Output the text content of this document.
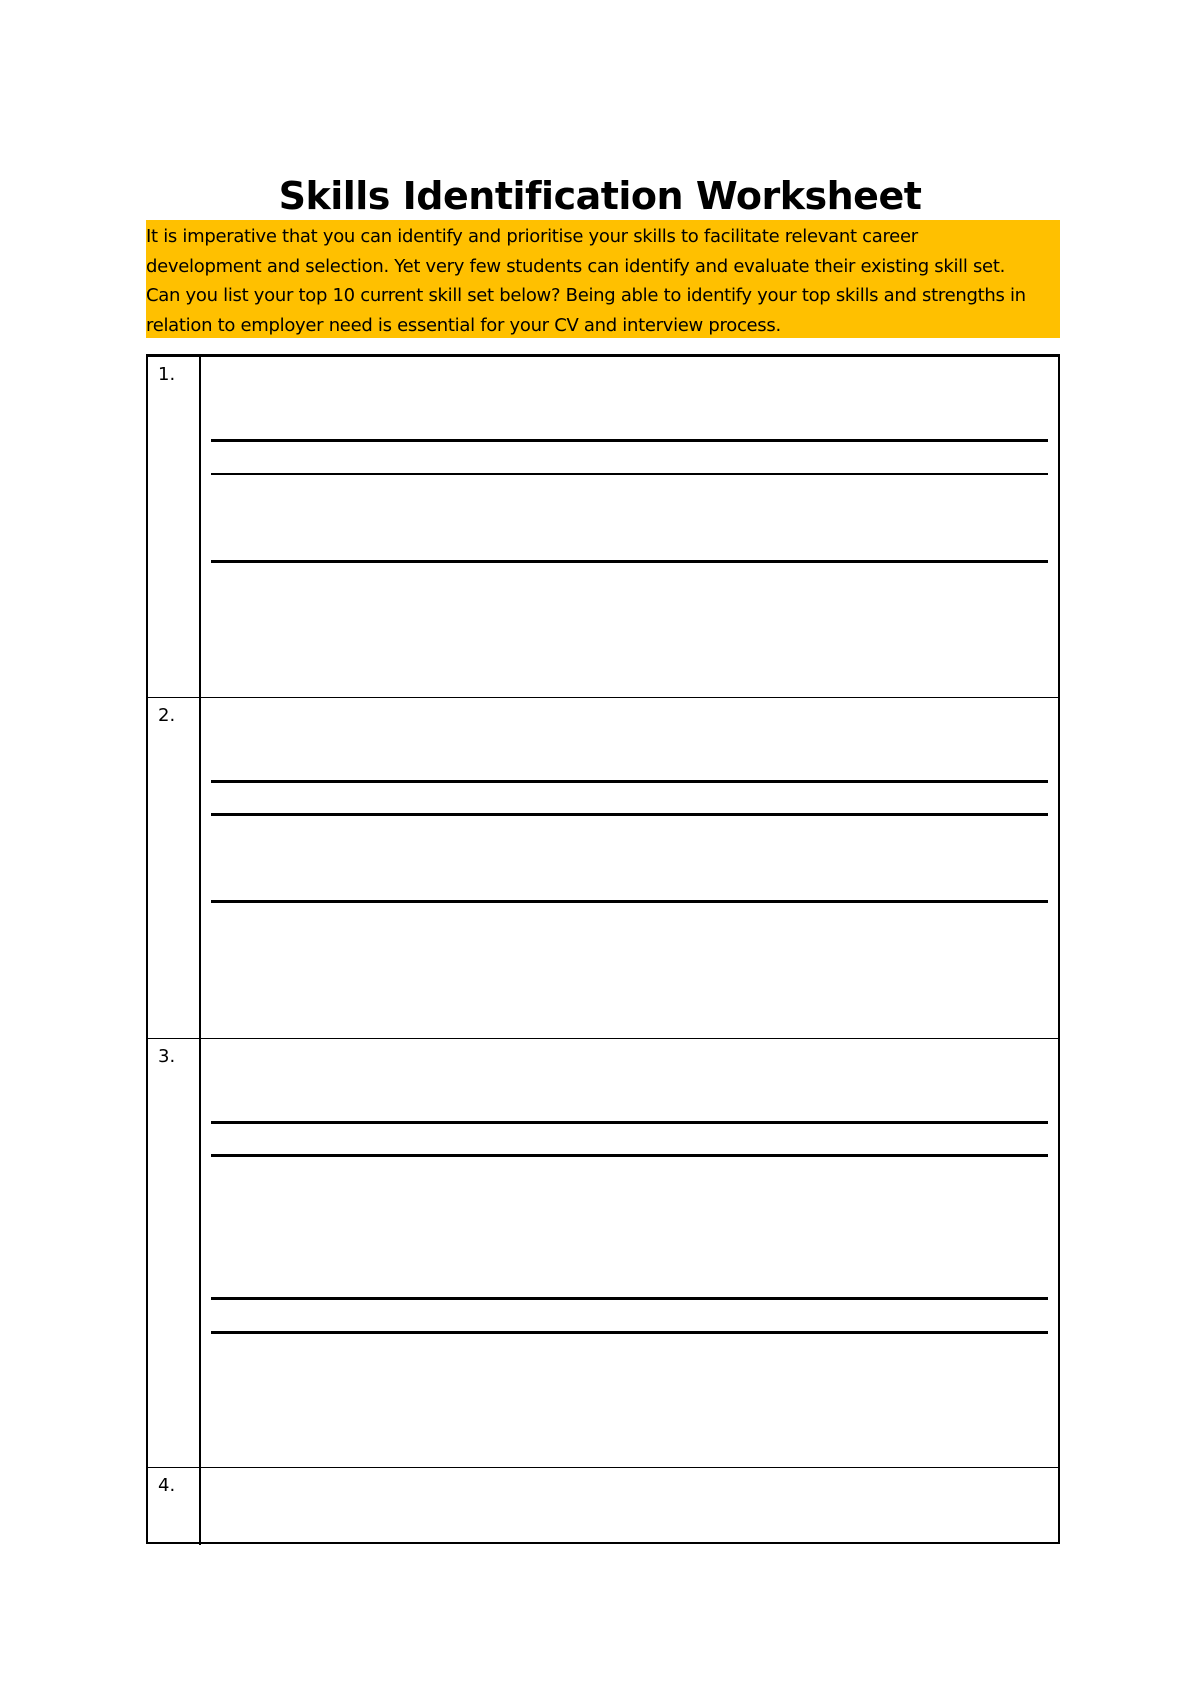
Skills Identification Worksheet

It is imperative that you can identify and prioritise your skills to facilitate relevant career

development and selection. Yet very few students can identify and evaluate their existing skill set.

Can you list your top 10 current skill set below? Being able to identify your top skills and strengths in

relation to employer need is essential for your CV and interview process.

1.
2.
3.
4.
